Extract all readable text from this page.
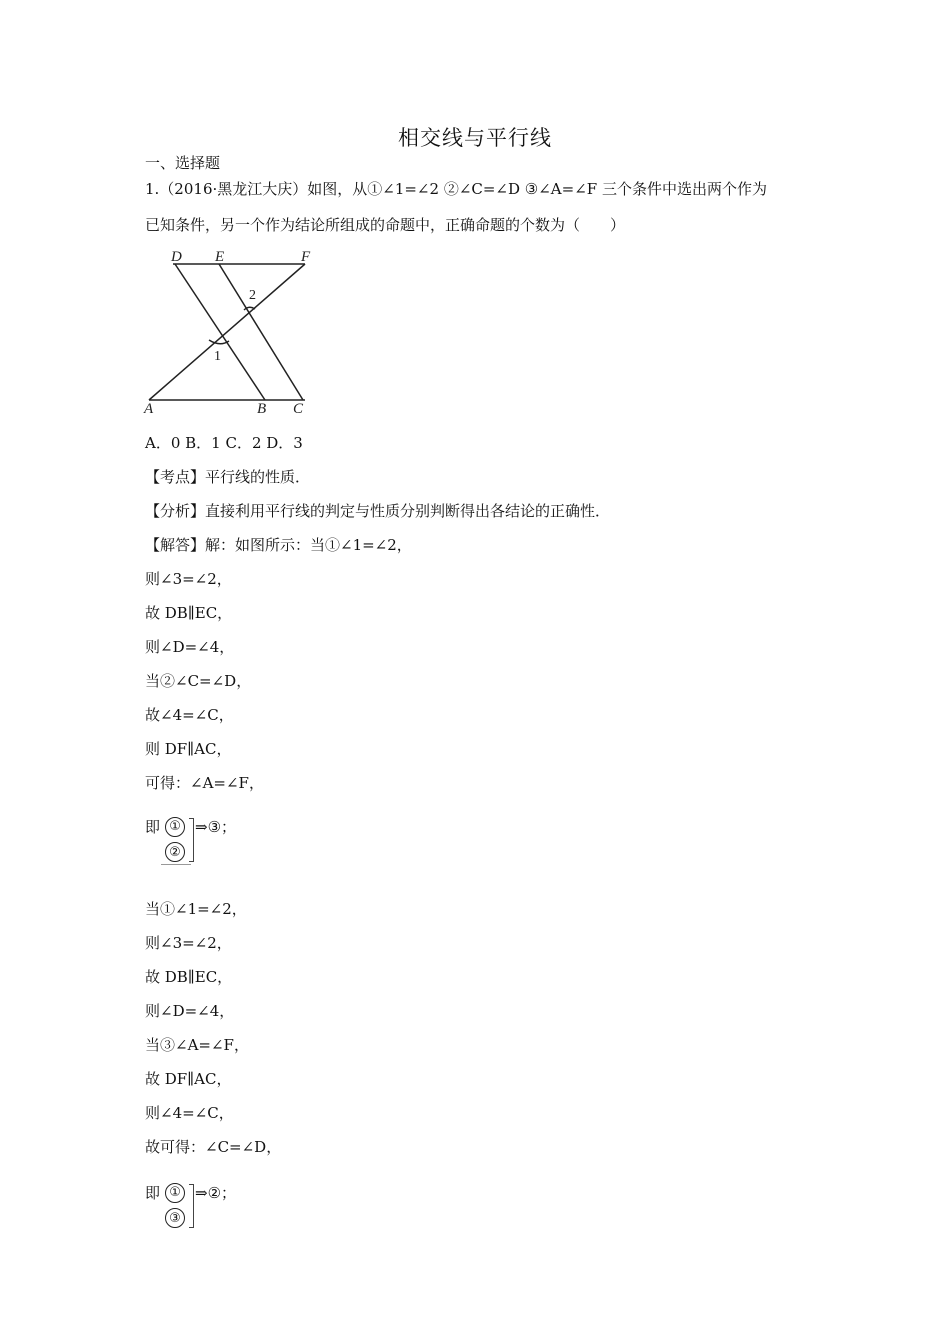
相交线与平行线
一、选择题
1.（2016·黑龙江大庆）如图，从①∠1=∠2 ②∠C=∠D ③∠A=∠F 三个条件中选出两个作为
已知条件，另一个作为结论所组成的命题中，正确命题的个数为（　　）
D E	F
A	B C
1
2
A．0 B．1 C．2 D．3
【考点】平行线的性质．
【分析】直接利用平行线的判定与性质分别判断得出各结论的正确性．
【解答】解：如图所示：当①∠1=∠2，
则∠3=∠2，
故 DB∥EC，
则∠D=∠4，
当②∠C=∠D，
故∠4=∠C，
则 DF∥AC，
可得：∠A=∠F，
即 ① ⇒③；
②
当①∠1=∠2，
则∠3=∠2，
故 DB∥EC，
则∠D=∠4，
当③∠A=∠F，
故 DF∥AC，
则∠4=∠C，
故可得：∠C=∠D，
即 ① ⇒②；
③
